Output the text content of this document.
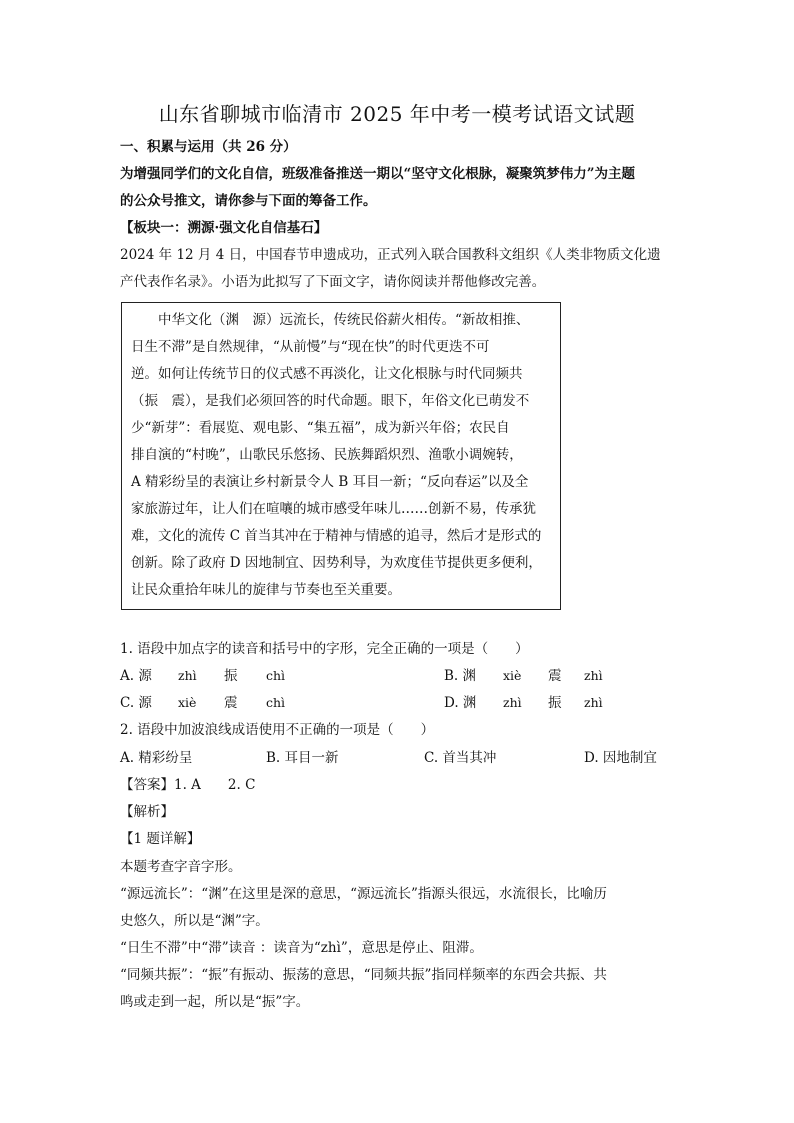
山东省聊城市临清市 2025 年中考一模考试语文试题
一、积累与运用（共 26 分）
为增强同学们的文化自信，班级准备推送一期以“坚守文化根脉，凝聚筑梦伟力”为主题
的公众号推文，请你参与下面的筹备工作。
【板块一：溯源·强文化自信基石】
2024 年 12 月 4 日，中国春节申遗成功，正式列入联合国教科文组织《人类非物质文化遗
产代表作名录》。小语为此拟写了下面文字，请你阅读并帮他修改完善。
　　中华文化（渊　源）远流长，传统民俗薪火相传。“新故相推、
日生不滞”是自然规律，“从前慢”与“现在快”的时代更迭不可
逆。如何让传统节日的仪式感不再淡化，让文化根脉与时代同频共
（振　震），是我们必须回答的时代命题。眼下，年俗文化已萌发不
少“新芽”：看展览、观电影、“集五福”，成为新兴年俗；农民自
排自演的“村晚”，山歌民乐悠扬、民族舞蹈炽烈、渔歌小调婉转，
A 精彩纷呈的表演让乡村新景令人 B 耳目一新；“反向春运”以及全
家旅游过年，让人们在喧嚷的城市感受年味儿……创新不易，传承犹
难，文化的流传 C 首当其冲在于精神与情感的追寻，然后才是形式的
创新。除了政府 D 因地制宜、因势利导，为欢度佳节提供更多便利，
让民众重拾年味儿的旋律与节奏也至关重要。
1. 语段中加点字的读音和括号中的字形，完全正确的一项是（　　）
A. 源 zhì 振 chì	B. 渊 xiè 震 zhì
C. 源 xiè 震 chì	D. 渊 zhì 振 zhì
2. 语段中加波浪线成语使用不正确的一项是（　　）
A. 精彩纷呈	B. 耳目一新	C. 首当其冲	D. 因地制宜
【答案】1. A　　2. C
【解析】
【1 题详解】
本题考查字音字形。
“源远流长”：“渊”在这里是深的意思，“源远流长”指源头很远，水流很长，比喻历
史悠久，所以是“渊”字。
“日生不滞”中“滞”读音 ：读音为“zhì”，意思是停止、阻滞。
“同频共振”：“振”有振动、振荡的意思，“同频共振”指同样频率的东西会共振、共
鸣或走到一起，所以是“振”字。
